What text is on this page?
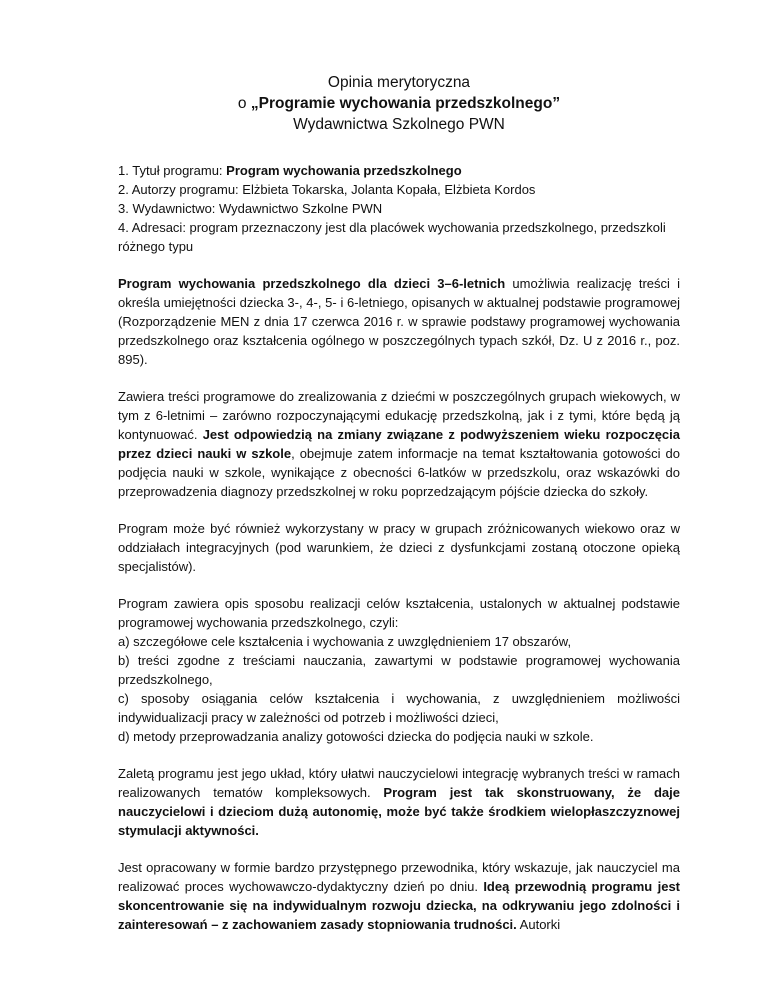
Opinia merytoryczna
o „Programie wychowania przedszkolnego”
Wydawnictwa Szkolnego PWN
1. Tytuł programu: Program wychowania przedszkolnego
2. Autorzy programu: Elżbieta Tokarska, Jolanta Kopała, Elżbieta Kordos
3. Wydawnictwo: Wydawnictwo Szkolne PWN
4. Adresaci: program przeznaczony jest dla placówek wychowania przedszkolnego, przedszkoli różnego typu

Program wychowania przedszkolnego dla dzieci 3–6-letnich umożliwia realizację treści i określa umiejętności dziecka 3-, 4-, 5- i 6-letniego, opisanych w aktualnej podstawie programowej (Rozporządzenie MEN z dnia 17 czerwca 2016 r. w sprawie podstawy programowej wychowania przedszkolnego oraz kształcenia ogólnego w poszczególnych typach szkół, Dz. U z 2016 r., poz. 895).

Zawiera treści programowe do zrealizowania z dziećmi w poszczególnych grupach wiekowych, w tym z 6-letnimi – zarówno rozpoczynającymi edukację przedszkolną, jak i z tymi, które będą ją kontynuować. Jest odpowiedzią na zmiany związane z podwyższeniem wieku rozpoczęcia przez dzieci nauki w szkole, obejmuje zatem informacje na temat kształtowania gotowości do podjęcia nauki w szkole, wynikające z obecności 6-latków w przedszkolu, oraz wskazówki do przeprowadzenia diagnozy przedszkolnej w roku poprzedzającym pójście dziecka do szkoły.

Program może być również wykorzystany w pracy w grupach zróżnicowanych wiekowo oraz w oddziałach integracyjnych (pod warunkiem, że dzieci z dysfunkcjami zostaną otoczone opieką specjalistów).

Program zawiera opis sposobu realizacji celów kształcenia, ustalonych w aktualnej podstawie programowej wychowania przedszkolnego, czyli:
a) szczegółowe cele kształcenia i wychowania z uwzględnieniem 17 obszarów,
b) treści zgodne z treściami nauczania, zawartymi w podstawie programowej wychowania przedszkolnego,
c) sposoby osiągania celów kształcenia i wychowania, z uwzględnieniem możliwości indywidualizacji pracy w zależności od potrzeb i możliwości dzieci,
d) metody przeprowadzania analizy gotowości dziecka do podjęcia nauki w szkole.

Zaletą programu jest jego układ, który ułatwi nauczycielowi integrację wybranych treści w ramach realizowanych tematów kompleksowych. Program jest tak skonstruowany, że daje nauczycielowi i dzieciom dużą autonomię, może być także środkiem wielopłaszczyznowej stymulacji aktywności.

Jest opracowany w formie bardzo przystępnego przewodnika, który wskazuje, jak nauczyciel ma realizować proces wychowawczo-dydaktyczny dzień po dniu. Ideą przewodnią programu jest skoncentrowanie się na indywidualnym rozwoju dziecka, na odkrywaniu jego zdolności i zainteresowań – z zachowaniem zasady stopniowania trudności. Autorki
